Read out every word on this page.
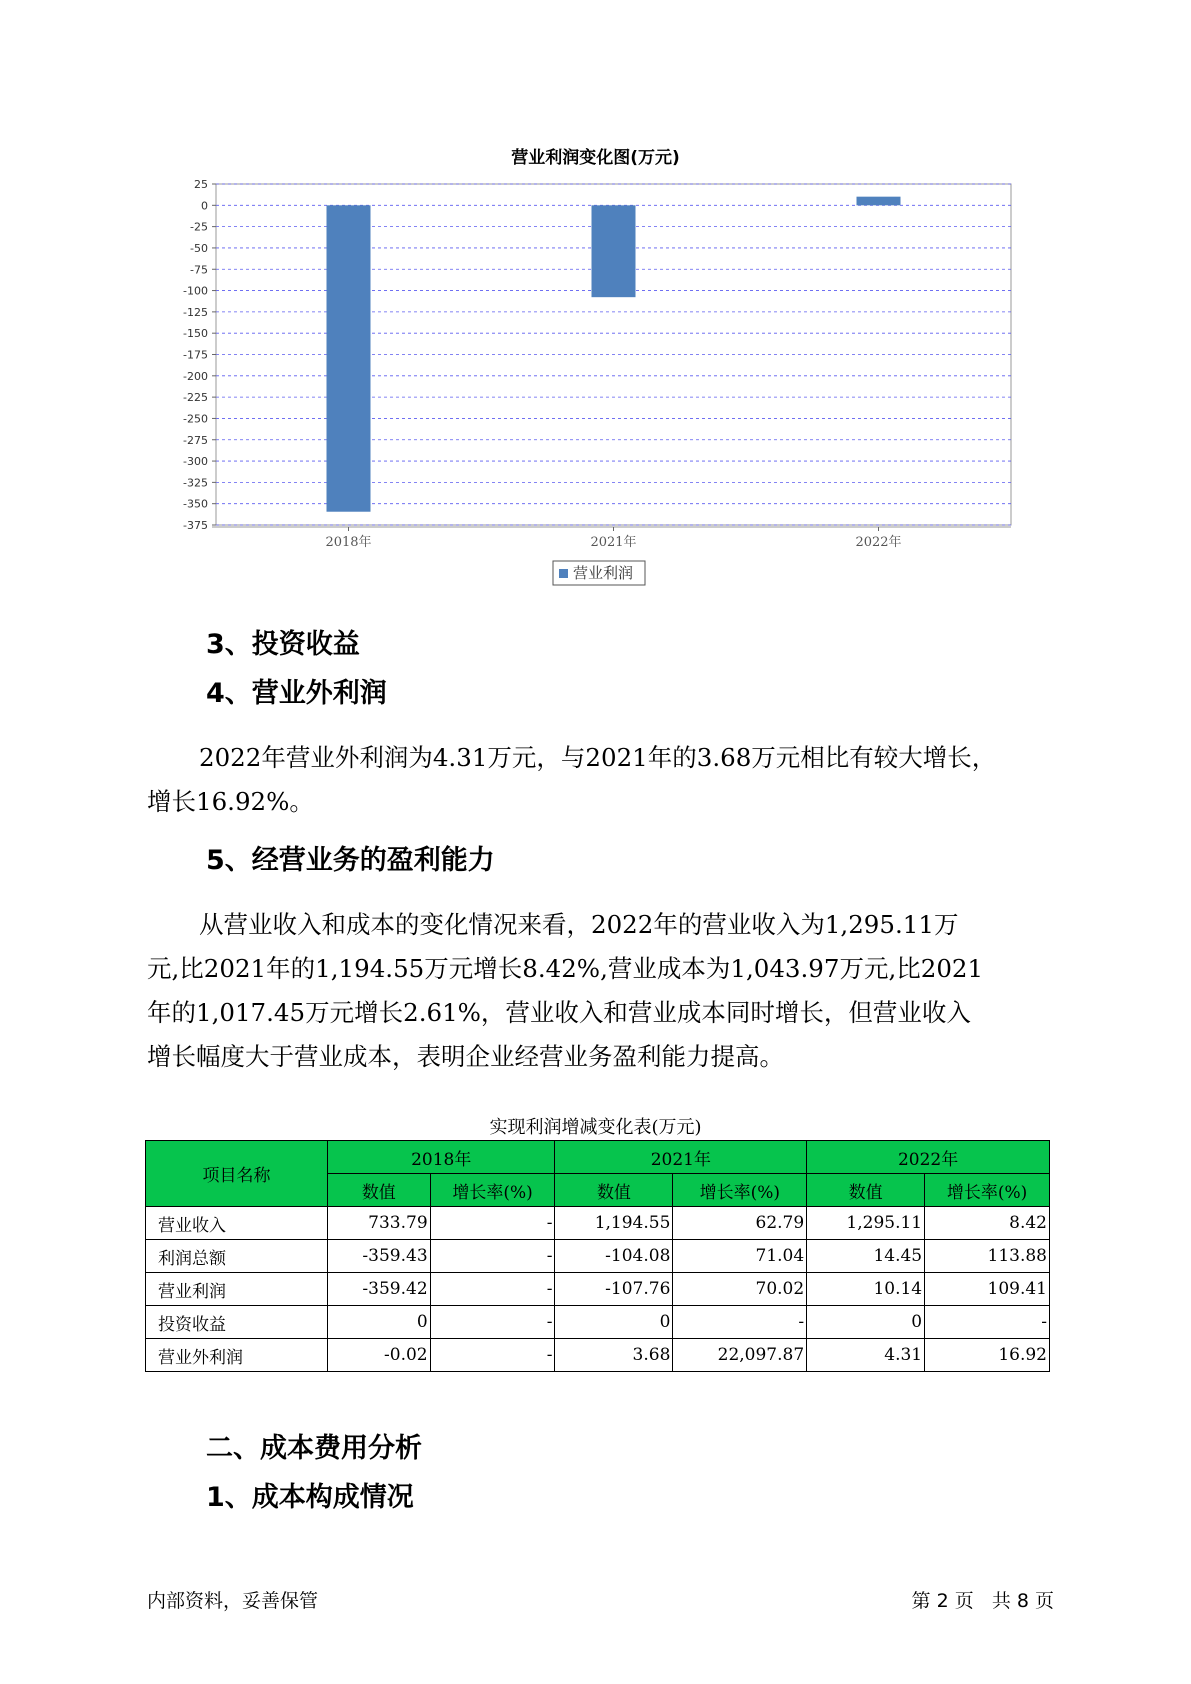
营业利润变化图(万元)
25
0
-25
-50
-75
-100
-125
-150
-175
-200
-225
-250
-275
-300
-325
-350
-375
2018年	2021年	2022年
营业利润
3、投资收益
4、营业外利润
2022年营业外利润为4.31万元，与2021年的3.68万元相比有较大增长，
增长16.92%。
5、经营业务的盈利能力
从营业收入和成本的变化情况来看，2022年的营业收入为1,295.11万
元,比2021年的1,194.55万元增长8.42%,营业成本为1,043.97万元,比2021
年的1,017.45万元增长2.61%，营业收入和营业成本同时增长，但营业收入
增长幅度大于营业成本，表明企业经营业务盈利能力提高。
实现利润增减变化表(万元)
项目名称	2018年		2021年		2022年	
	数值	增长率(%)	数值	增长率(%)	数值	增长率(%)
营业收入	733.79	-	1,194.55	62.79	1,295.11	8.42
利润总额	-359.43	-	-104.08	71.04	14.45	113.88
营业利润	-359.42	-	-107.76	70.02	10.14	109.41
投资收益	0	-	0	-	0	-
营业外利润	-0.02	-	3.68	22,097.87	4.31	16.92
二、成本费用分析
1、成本构成情况
内部资料，妥善保管	第 2 页   共 8 页
